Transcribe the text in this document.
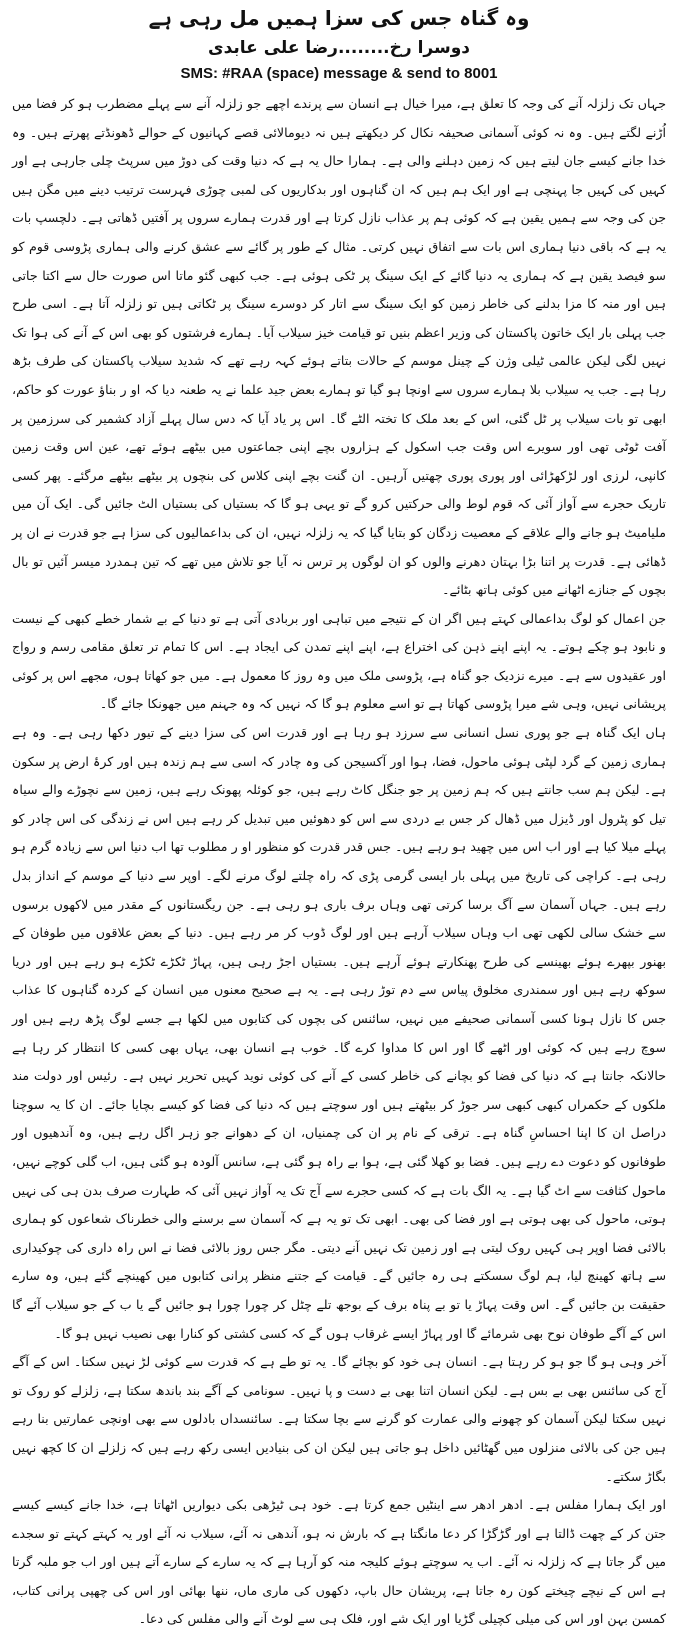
وہ گناہ جس کی سزا ہمیں مل رہی ہے
دوسرا رخ........رضا علی عابدی
SMS: #RAA (space) message & send to 8001

جہاں تک زلزلہ آنے کی وجہ کا تعلق ہے، میرا خیال ہے انسان سے پرندے اچھے جو زلزلہ آنے سے پہلے مضطرب ہو کر فضا میں اُڑنے لگتے ہیں۔ وہ نہ کوئی آسمانی صحیفہ نکال کر دیکھتے ہیں نہ دیومالائی قصے کہانیوں کے حوالے ڈھونڈتے پھرتے ہیں۔ وہ خدا جانے کیسے جان لیتے ہیں کہ زمین دہلنے والی ہے۔ ہمارا حال یہ ہے کہ دنیا وقت کی دوڑ میں سرپٹ چلی جارہی ہے اور کہیں کی کہیں جا پہنچی ہے اور ایک ہم ہیں کہ ان گناہوں اور بدکاریوں کی لمبی چوڑی فہرست ترتیب دینے میں مگن ہیں جن کی وجہ سے ہمیں یقین ہے کہ کوئی ہم پر عذاب نازل کرتا ہے اور قدرت ہمارے سروں پر آفتیں ڈھاتی ہے۔ دلچسپ بات یہ ہے کہ باقی دنیا ہماری اس بات سے اتفاق نہیں کرتی۔ مثال کے طور پر گائے سے عشق کرنے والی ہماری پڑوسی قوم کو سو فیصد یقین ہے کہ ہماری یہ دنیا گائے کے ایک سینگ پر ٹکی ہوئی ہے۔ جب کبھی گئو ماتا اس صورت حال سے اکتا جاتی ہیں اور منہ کا مزا بدلنے کی خاطر زمین کو ایک سینگ سے اتار کر دوسرے سینگ پر ٹکاتی ہیں تو زلزلہ آتا ہے۔ اسی طرح جب پہلی بار ایک خاتون پاکستان کی وزیر اعظم بنیں تو قیامت خیز سیلاب آیا۔ ہمارے فرشتوں کو بھی اس کے آنے کی ہوا تک نہیں لگی لیکن عالمی ٹیلی وژن کے چینل موسم کے حالات بتاتے ہوئے کہہ رہے تھے کہ شدید سیلاب پاکستان کی طرف بڑھ رہا ہے۔ جب یہ سیلاب بلا ہمارے سروں سے اونچا ہو گیا تو ہمارے بعض جید علما نے یہ طعنہ دیا کہ او ر بناؤ عورت کو حاکم، ابھی تو بات سیلاب پر ٹل گئی، اس کے بعد ملک کا تختہ الٹے گا۔ اس پر یاد آیا کہ دس سال پہلے آزاد کشمیر کی سرزمین پر آفت ٹوٹی تھی اور سویرے اس وقت جب اسکول کے ہزاروں بچے اپنی جماعتوں میں بیٹھے ہوئے تھے، عین اس وقت زمین کانپی، لرزی اور لڑکھڑائی اور پوری پوری چھتیں آرہیں۔ ان گنت بچے اپنی کلاس کی بنچوں پر بیٹھے بیٹھے مرگئے۔ پھر کسی تاریک حجرے سے آواز آئی کہ قوم لوط والی حرکتیں کرو گے تو یہی ہو گا کہ بستیاں کی بستیاں الٹ جائیں گی۔ ایک آن میں ملیامیٹ ہو جانے والے علاقے کے معصیت زدگان کو بتایا گیا کہ یہ زلزلہ نہیں، ان کی بداعمالیوں کی سزا ہے جو قدرت نے ان پر ڈھائی ہے۔ قدرت پر اتنا بڑا بہتان دھرنے والوں کو ان لوگوں پر ترس نہ آیا جو تلاش میں تھے کہ تین ہمدرد میسر آئیں تو بال بچوں کے جنازے اٹھانے میں کوئی ہاتھ بٹائے۔

جن اعمال کو لوگ بداعمالی کہتے ہیں اگر ان کے نتیجے میں تباہی اور بربادی آتی ہے تو دنیا کے بے شمار خطے کبھی کے نیست و نابود ہو چکے ہوتے۔ یہ اپنے اپنے ذہن کی اختراع ہے، اپنے اپنے تمدن کی ایجاد ہے۔ اس کا تمام تر تعلق مقامی رسم و رواج اور عقیدوں سے ہے۔ میرے نزدیک جو گناہ ہے، پڑوسی ملک میں وہ روز کا معمول ہے۔ میں جو کھاتا ہوں، مجھے اس پر کوئی پریشانی نہیں، وہی شے میرا پڑوسی کھاتا ہے تو اسے معلوم ہو گا کہ نہیں کہ وہ جہنم میں جھونکا جائے گا۔

ہاں ایک گناہ ہے جو پوری نسل انسانی سے سرزد ہو رہا ہے اور قدرت اس کی سزا دینے کے تیور دکھا رہی ہے۔ وہ ہے ہماری زمین کے گرد لپٹی ہوئی ماحول، فضا، ہوا اور آکسیجن کی وہ چادر کہ اسی سے ہم زندہ ہیں اور کرۂ ارض پر سکون ہے۔ لیکن ہم سب جانتے ہیں کہ ہم زمین پر جو جنگل کاٹ رہے ہیں، جو کوئلہ پھونک رہے ہیں، زمین سے نچوڑے والے سیاہ تیل کو پٹرول اور ڈیزل میں ڈھال کر جس بے دردی سے اس کو دھوئیں میں تبدیل کر رہے ہیں اس نے زندگی کی اس چادر کو پہلے میلا کیا ہے اور اب اس میں چھید ہو رہے ہیں۔ جس قدر قدرت کو منظور او ر مطلوب تھا اب دنیا اس سے زیادہ گرم ہو رہی ہے۔ کراچی کی تاریخ میں پہلی بار ایسی گرمی پڑی کہ راہ چلتے لوگ مرنے لگے۔ اوپر سے دنیا کے موسم کے انداز بدل رہے ہیں۔ جہاں آسمان سے آگ برسا کرتی تھی وہاں برف باری ہو رہی ہے۔ جن ریگستانوں کے مقدر میں لاکھوں برسوں سے خشک سالی لکھی تھی اب وہاں سیلاب آرہے ہیں اور لوگ ڈوب کر مر رہے ہیں۔ دنیا کے بعض علاقوں میں طوفان کے بھنور بپھرے ہوئے بھینسے کی طرح پھنکارتے ہوئے آرہے ہیں۔ بستیاں اجڑ رہی ہیں، پہاڑ ٹکڑے ٹکڑے ہو رہے ہیں اور دریا سوکھ رہے ہیں اور سمندری مخلوق پیاس سے دم توڑ رہی ہے۔ یہ ہے صحیح معنوں میں انسان کے کردہ گناہوں کا عذاب جس کا نازل ہونا کسی آسمانی صحیفے میں نہیں، سائنس کی بچوں کی کتابوں میں لکھا ہے جسے لوگ پڑھ رہے ہیں اور سوچ رہے ہیں کہ کوئی اور اٹھے گا اور اس کا مداوا کرے گا۔ خوب ہے انسان بھی، یہاں بھی کسی کا انتظار کر رہا ہے حالانکہ جانتا ہے کہ دنیا کی فضا کو بچانے کی خاطر کسی کے آنے کی کوئی نوید کہیں تحریر نہیں ہے۔ رئیس اور دولت مند ملکوں کے حکمراں کبھی کبھی سر جوڑ کر بیٹھتے ہیں اور سوچتے ہیں کہ دنیا کی فضا کو کیسے بچایا جائے۔ ان کا یہ سوچنا دراصل ان کا اپنا احساسِ گناہ ہے۔ ترقی کے نام پر ان کی چمنیاں، ان کے دھوانے جو زہر اگل رہے ہیں، وہ آندھیوں اور طوفانوں کو دعوت دے رہے ہیں۔ فضا بو کھلا گئی ہے، ہوا بے راہ ہو گئی ہے، سانس آلودہ ہو گئی ہیں، اب گلی کوچے نہیں، ماحول کثافت سے اٹ گیا ہے۔ یہ الگ بات ہے کہ کسی حجرے سے آج تک یہ آواز نہیں آئی کہ طہارت صرف بدن ہی کی نہیں ہوتی، ماحول کی بھی ہوتی ہے اور فضا کی بھی۔ ابھی تک تو یہ ہے کہ آسمان سے برسنے والی خطرناک شعاعوں کو ہماری بالائی فضا اوپر ہی کہیں روک لیتی ہے اور زمین تک نہیں آنے دیتی۔ مگر جس روز بالائی فضا نے اس راہ داری کی چوکیداری سے ہاتھ کھینچ لیا، ہم لوگ سسکتے ہی رہ جائیں گے۔ قیامت کے جتنے منظر پرانی کتابوں میں کھینچے گئے ہیں، وہ سارے حقیقت بن جائیں گے۔ اس وقت پہاڑ یا تو بے پناہ برف کے بوجھ تلے چٹل کر چورا چورا ہو جائیں گے یا ب کے جو سیلاب آئے گا اس کے آگے طوفان نوح بھی شرمائے گا اور پہاڑ ایسے غرقاب ہوں گے کہ کسی کشتی کو کنارا بھی نصیب نہیں ہو گا۔

آخر وہی ہو گا جو ہو کر رہتا ہے۔ انسان ہی خود کو بچائے گا۔ یہ تو طے ہے کہ قدرت سے کوئی لڑ نہیں سکتا۔ اس کے آگے آج کی سائنس بھی بے بس ہے۔ لیکن انسان اتنا بھی بے دست و پا نہیں۔ سونامی کے آگے بند باندھ سکتا ہے، زلزلے کو روک تو نہیں سکتا لیکن آسمان کو چھونے والی عمارت کو گرنے سے بچا سکتا ہے۔ سائنسداں بادلوں سے بھی اونچی عمارتیں بنا رہے ہیں جن کی بالائی منزلوں میں گھٹائیں داخل ہو جاتی ہیں لیکن ان کی بنیادیں ایسی رکھ رہے ہیں کہ زلزلے ان کا کچھ نہیں بگاڑ سکتے۔

اور ایک ہمارا مفلس ہے۔ ادھر ادھر سے اینٹیں جمع کرتا ہے۔ خود ہی ٹیڑھی بکی دیواریں اٹھاتا ہے، خدا جانے کیسے کیسے جتن کر کے چھت ڈالتا ہے اور گڑگڑا کر دعا مانگتا ہے کہ بارش نہ ہو، آندھی نہ آئے، سیلاب نہ آئے اور یہ کہتے کہتے تو سجدے میں گر جاتا ہے کہ زلزلہ نہ آئے۔ اب یہ سوچتے ہوئے کلیجہ منہ کو آرہا ہے کہ یہ سارے کے سارے آتے ہیں اور اب جو ملبہ گرتا ہے اس کے نیچے چیختے کون رہ جاتا ہے، پریشان حال باپ، دکھوں کی ماری ماں، ننھا بھائی اور اس کی چھپی پرانی کتاب، کمسن بہن اور اس کی میلی کچیلی گڑیا اور ایک شے اور، فلک ہی سے لوٹ آنے والی مفلس کی دعا۔
